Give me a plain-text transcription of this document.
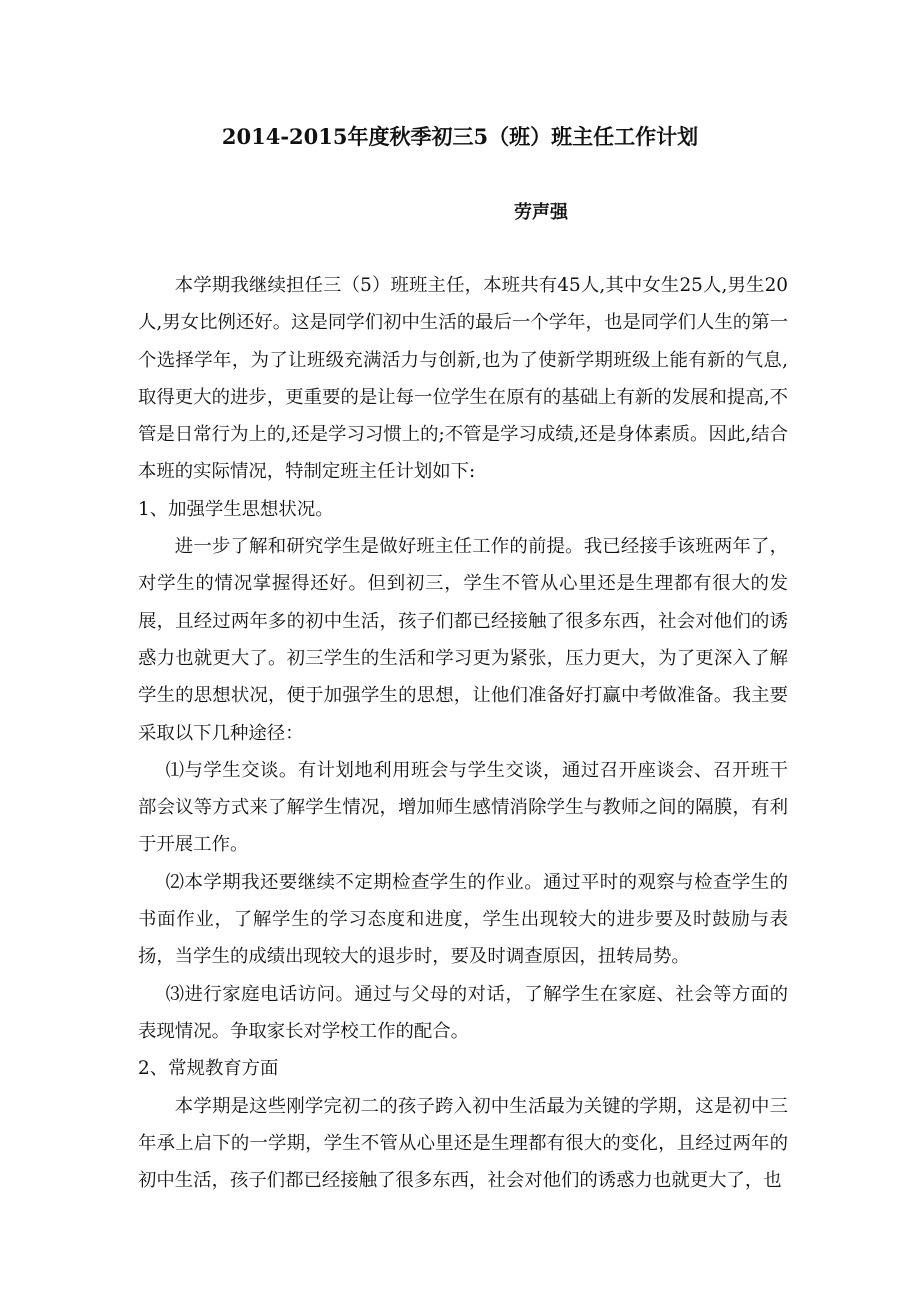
2014-2015年度秋季初三5（班）班主任工作计划

劳声强

本学期我继续担任三（5）班班主任，本班共有45人,其中女生25人,男生20人,男女比例还好。这是同学们初中生活的最后一个学年，也是同学们人生的第一个选择学年，为了让班级充满活力与创新,也为了使新学期班级上能有新的气息,取得更大的进步，更重要的是让每一位学生在原有的基础上有新的发展和提高,不管是日常行为上的,还是学习习惯上的;不管是学习成绩,还是身体素质。因此,结合本班的实际情况，特制定班主任计划如下:

1、加强学生思想状况。

进一步了解和研究学生是做好班主任工作的前提。我已经接手该班两年了，对学生的情况掌握得还好。但到初三，学生不管从心里还是生理都有很大的发展，且经过两年多的初中生活，孩子们都已经接触了很多东西，社会对他们的诱惑力也就更大了。初三学生的生活和学习更为紧张，压力更大，为了更深入了解学生的思想状况，便于加强学生的思想，让他们准备好打赢中考做准备。我主要采取以下几种途径：

⑴与学生交谈。有计划地利用班会与学生交谈，通过召开座谈会、召开班干部会议等方式来了解学生情况，增加师生感情消除学生与教师之间的隔膜，有利于开展工作。

⑵本学期我还要继续不定期检查学生的作业。通过平时的观察与检查学生的书面作业，了解学生的学习态度和进度，学生出现较大的进步要及时鼓励与表扬，当学生的成绩出现较大的退步时，要及时调查原因，扭转局势。

⑶进行家庭电话访问。通过与父母的对话，了解学生在家庭、社会等方面的表现情况。争取家长对学校工作的配合。

2、常规教育方面

本学期是这些刚学完初二的孩子跨入初中生活最为关键的学期，这是初中三年承上启下的一学期，学生不管从心里还是生理都有很大的变化，且经过两年的初中生活，孩子们都已经接触了很多东西，社会对他们的诱惑力也就更大了，也
